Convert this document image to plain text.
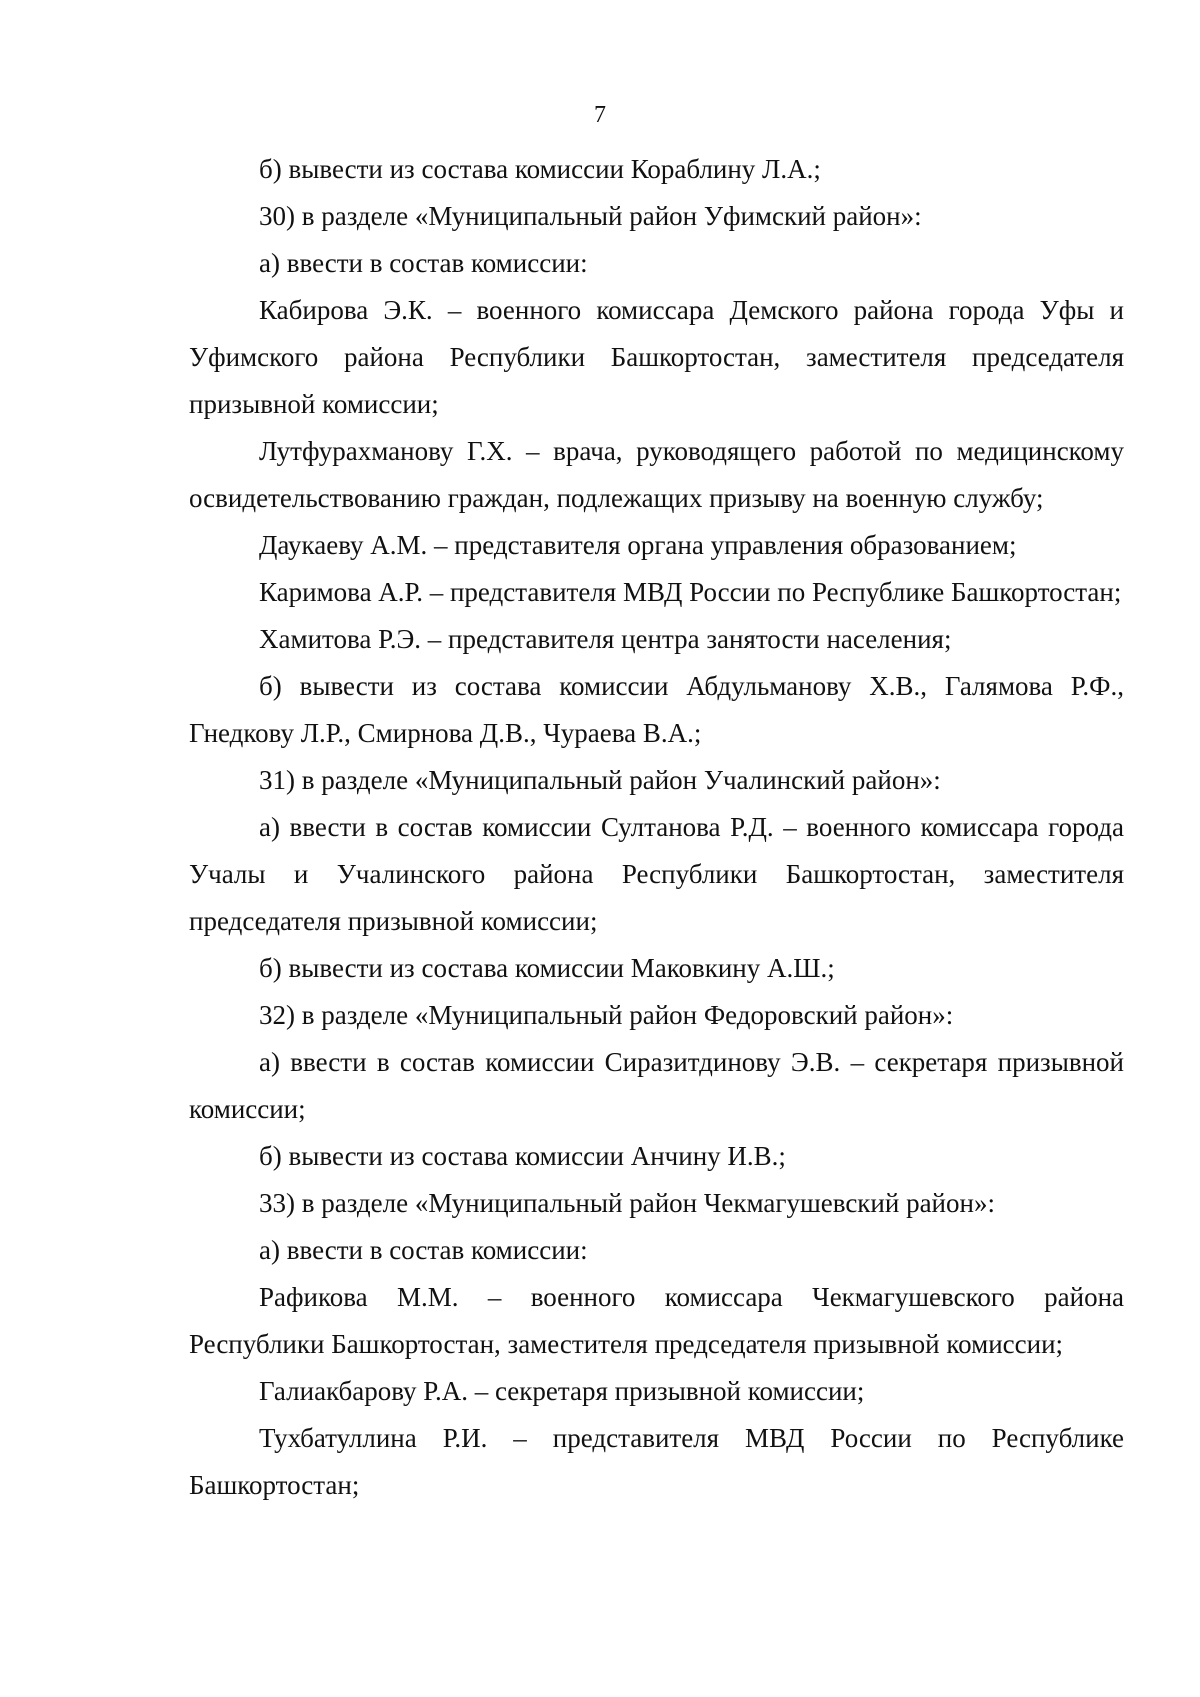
7

б) вывести из состава комиссии Кораблину Л.А.;

30) в разделе «Муниципальный район Уфимский район»:

а) ввести в состав комиссии:

Кабирова Э.К. – военного комиссара Демского района города Уфы и Уфимского района Республики Башкортостан, заместителя председателя призывной комиссии;

Лутфурахманову Г.Х. – врача, руководящего работой по медицинскому освидетельствованию граждан, подлежащих призыву на военную службу;

Даукаеву А.М. – представителя органа управления образованием;

Каримова А.Р. – представителя МВД России по Республике Башкортостан;

Хамитова Р.Э. – представителя центра занятости населения;

б) вывести из состава комиссии Абдульманову Х.В., Галямова Р.Ф., Гнедкову Л.Р., Смирнова Д.В., Чураева В.А.;

31) в разделе «Муниципальный район Учалинский район»:

а) ввести в состав комиссии Султанова Р.Д. – военного комиссара города Учалы и Учалинского района Республики Башкортостан, заместителя председателя призывной комиссии;

б) вывести из состава комиссии Маковкину А.Ш.;

32) в разделе «Муниципальный район Федоровский район»:

а) ввести в состав комиссии Сиразитдинову Э.В. – секретаря призывной комиссии;

б) вывести из состава комиссии Анчину И.В.;

33) в разделе «Муниципальный район Чекмагушевский район»:

а) ввести в состав комиссии:

Рафикова М.М. – военного комиссара Чекмагушевского района Республики Башкортостан, заместителя председателя призывной комиссии;

Галиакбарову Р.А. – секретаря призывной комиссии;

Тухбатуллина Р.И. – представителя МВД России по Республике Башкортостан;
